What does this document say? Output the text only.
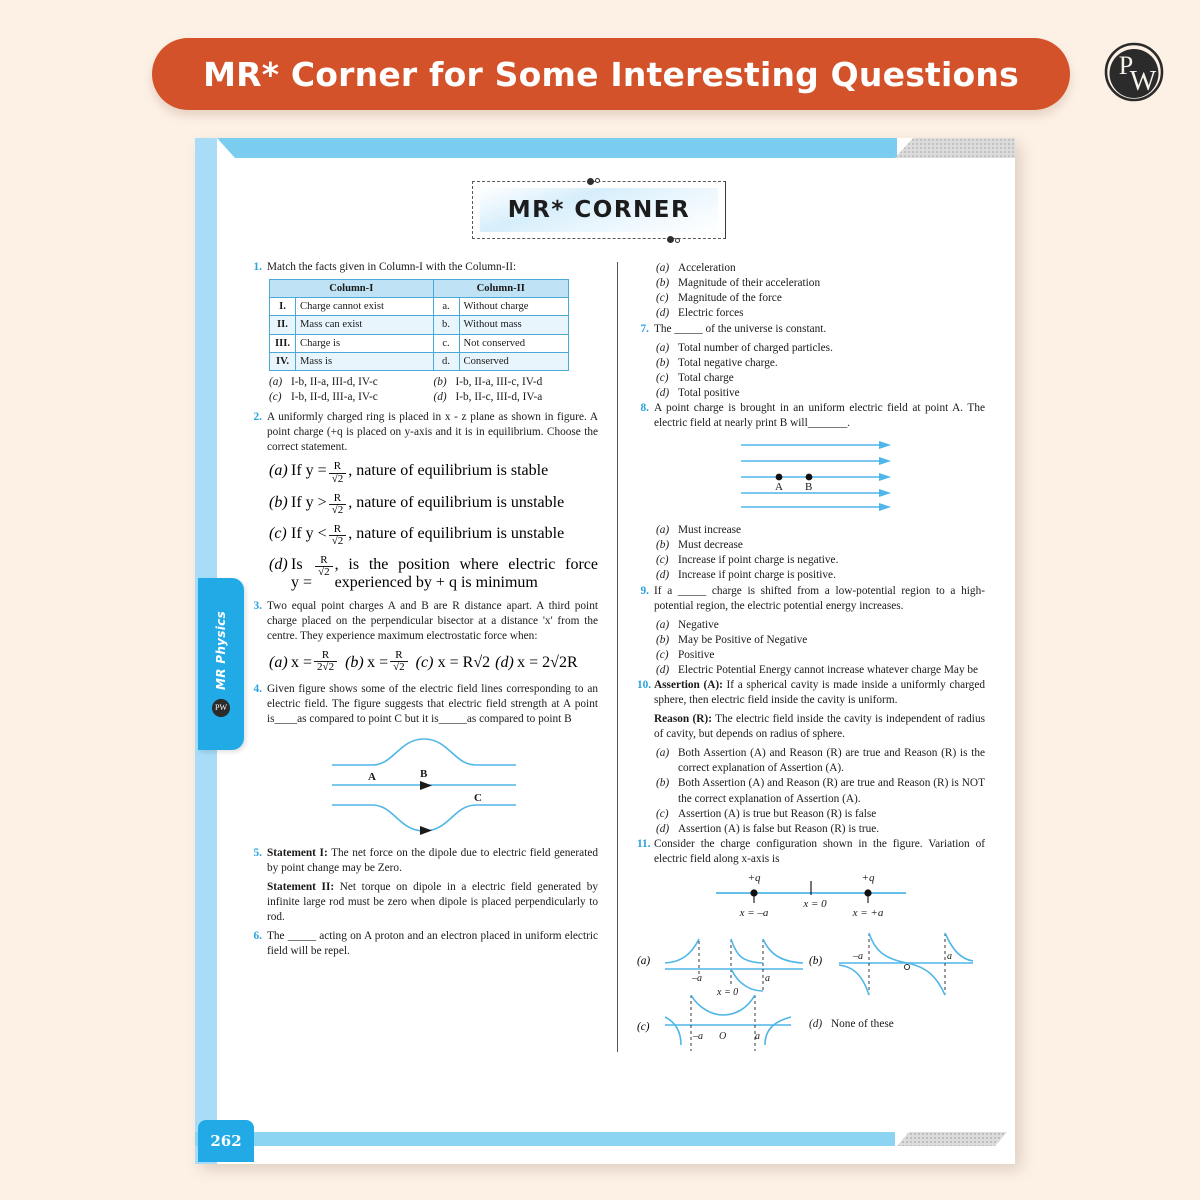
MR* Corner for Some Interesting Questions	P
W
MR* CORNER
1. Match the facts given in Column-I with the Column-II:
Column-I		Column-II	
I.	Charge cannot exist	a.	Without charge
II.	Mass can exist	b.	Without mass
III.	Charge is	c.	Not conserved
IV.	Mass is	d.	Conserved
(a) I-b, II-a, III-d, IV-c	(b) I-b, II-a, III-c, IV-d
(c) I-b, II-d, III-a, IV-c	(d) I-b, II-c, III-d, IV-a
2. A uniformly charged ring is placed in x - z plane as shown in figure. A point charge (+q is placed on y-axis and it is in equilibrium. Choose the correct statement.
(a) If $y = \frac{R}{√2}$ , nature of equilibrium is stable
(b) If $y > \frac{R}{√2}$ , nature of equilibrium is unstable
(c) If $y < \frac{R}{√2}$ , nature of equilibrium is unstable
(d) Is y =
$\frac{R}{√2}$ , is the position where electric force experienced by + q is minimum
3. Two equal point charges A and B are R distance apart. A third point charge placed on the perpendicular bisector at a distance 'x' from the centre. They experience maximum electrostatic force when:
(a) $x = \frac{R}{2√2} (b) x = \frac{R}{√2} (c) x = R√2$ (d) x = 2√2R
4. Given figure shows some of the electric field lines corresponding to an electric field. The figure suggests that electric field strength at A point is____as compared to point C but it is_____as compared to point B
A	B
C
5. Statement I: The net force on the dipole due to electric field generated by point change may be Zero.
Statement II: Net torque on dipole in a electric field generated by infinite large rod must be zero when dipole is placed perpendicularly to rod.
6. The _____ acting on A proton and an electron placed in uniform electric field will be repel.
(a) Acceleration
(b) Magnitude of their acceleration
(c) Magnitude of the force
(d) Electric forces
7. The _____ of the universe is constant.
(a) Total number of charged particles.
(b) Total negative charge.
(c) Total charge
(d) Total positive
8. A point charge is brought in an uniform electric field at point A. The electric field at nearly print B will_______.
A B
(a) Must increase
(b) Must decrease
(c) Increase if point charge is negative.
(d) Increase if point charge is positive.
9. If a _____ charge is shifted from a low-potential region to a high-potential region, the electric potential energy increases.
(a) Negative
(b) May be Positive of Negative
(c) Positive
(d) Electric Potential Energy cannot increase whatever charge May be
10. Assertion (A): If a spherical cavity is made inside a uniformly charged sphere, then electric field inside the cavity is uniform.
Reason (R): The electric field inside the cavity is independent of radius of cavity, but depends on radius of sphere.
(a) Both Assertion (A) and Reason (R) are true and Reason (R) is the correct explanation of Assertion (A).
(b) Both Assertion (A) and Reason (R) are true and Reason (R) is NOT the correct explanation of Assertion (A).
(c) Assertion (A) is true but Reason (R) is false
(d) Assertion (A) is false but Reason (R) is true.
11. Consider the charge configuration shown in the figure. Variation of electric field along x-axis is
+q	+q
x = –a
x = 0
x = +a
(a)
–a	a
x = 0
(b)	–a	a
(c)
–a O	a
(d) None of these
MR Physics
PW
262
